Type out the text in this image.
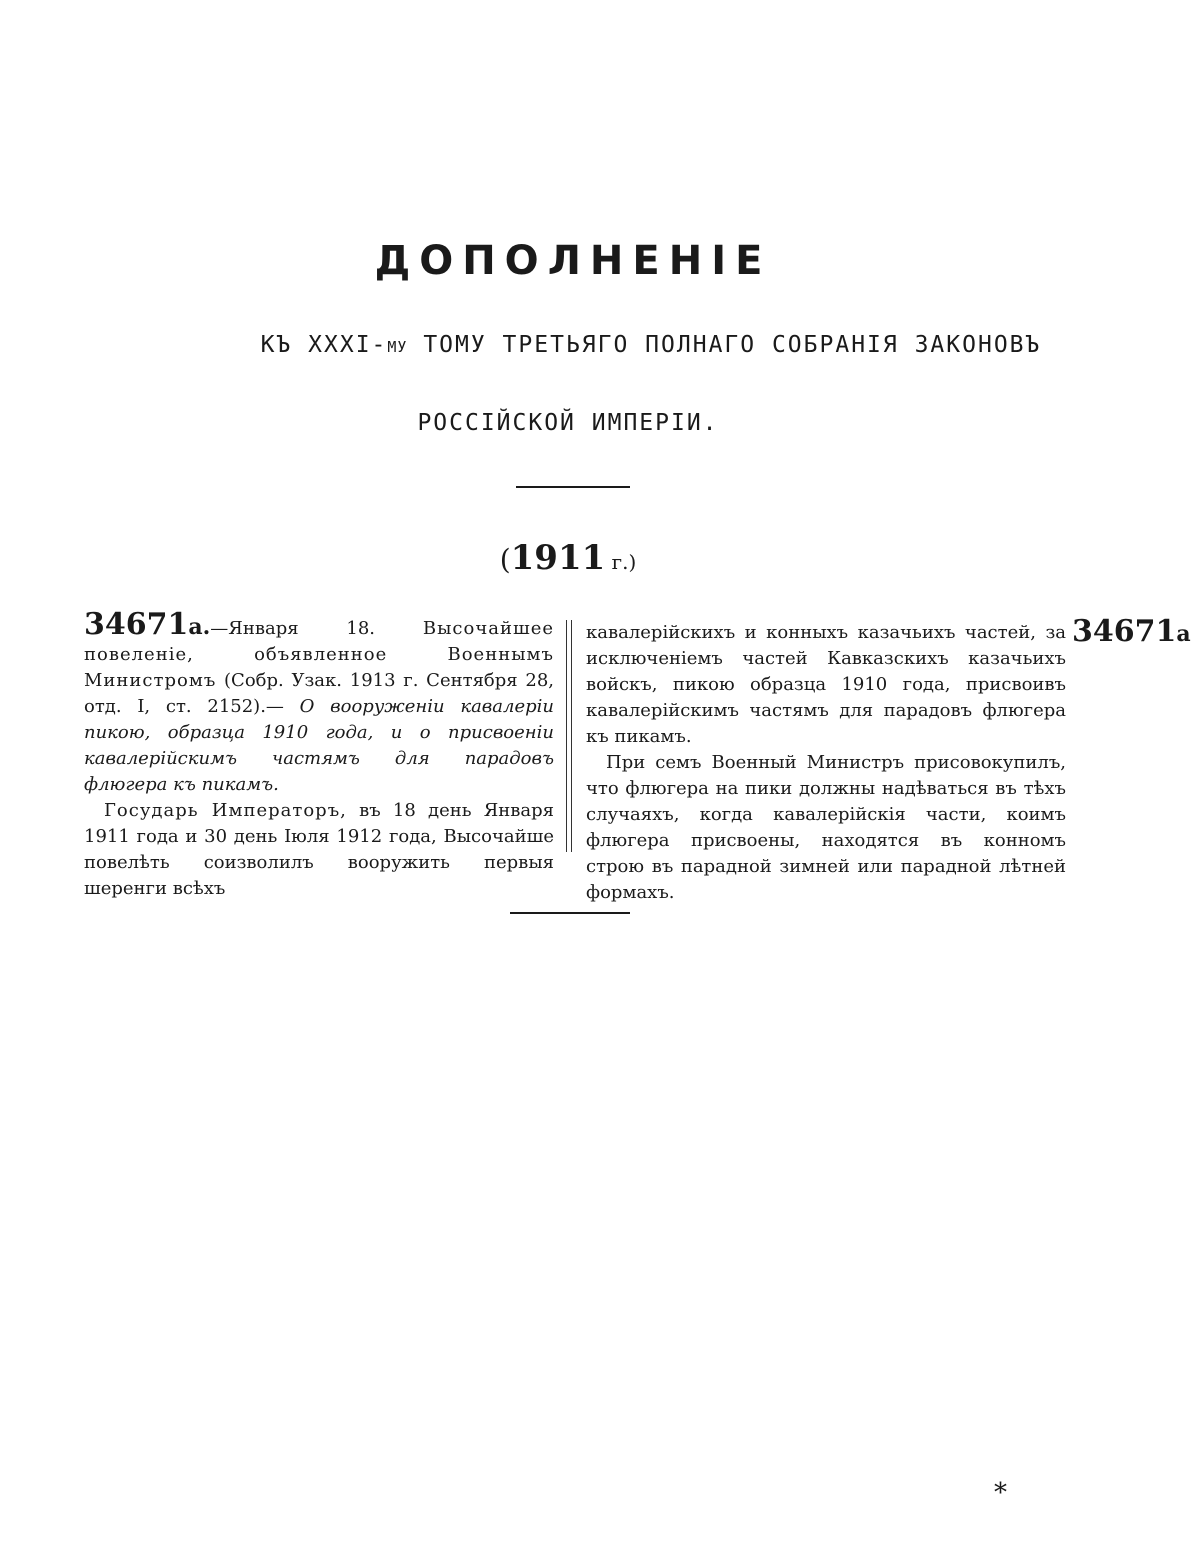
ДОПОЛНЕНІЕ
КЪ XXXI-МУ ТОМУ ТРЕТЬЯГО ПОЛНАГО СОБРАНІЯ ЗАКОНОВЪ
РОССІЙСКОЙ ИМПЕРІИ.
(1911 г.)

34671а.—Января 18. Высочайшее повеленіе, объявленное Военнымъ Министромъ (Собр. Узак. 1913 г. Сентября 28, отд. I, ст. 2152).— О вооруженіи кавалеріи пикою, образца 1910 года, и о присвоеніи кавалерійскимъ частямъ для парадовъ флюгера къ пикамъ.

Государь Императоръ, въ 18 день Января 1911 года и 30 день Іюля 1912 года, Высочайше повелѣть соизволилъ вооружить первыя шеренги всѣхъ

кавалерійскихъ и конныхъ казачьихъ частей, за исключеніемъ частей Кавказскихъ казачьихъ войскъ, пикою образца 1910 года, присвоивъ кавалерійскимъ частямъ для парадовъ флюгера къ пикамъ.

При семъ Военный Министръ присовокупилъ, что флюгера на пики должны надѣваться въ тѣхъ случаяхъ, когда кавалерійскія части, коимъ флюгера присвоены, находятся въ конномъ строю въ парадной зимней или парадной лѣтней формахъ.

34671а
*
